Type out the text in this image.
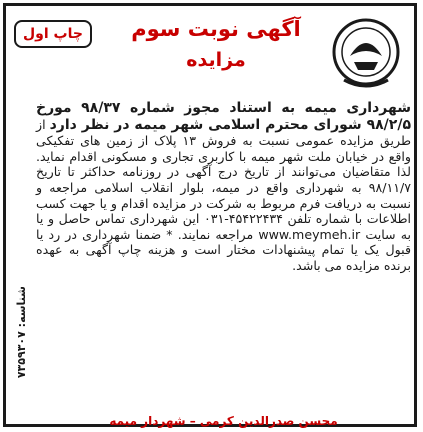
چاپ اول	آگهی نوبت سوم
مزایده
شهرداری میمه به استناد مجوز شماره ۹۸/۳۷ مورخ ۹۸/۲/۵ شورای محترم اسلامی شهر میمه در نظر دارد از طریق مزایده عمومی نسبت به فروش ۱۳ پلاک از زمین های تفکیکی واقع در خیابان ملت شهر میمه با کاربری تجاری و مسکونی اقدام نماید. لذا متقاضیان می‌توانند از تاریخ درج آگهی در روزنامه حداکثر تا تاریخ ۹۸/۱۱/۷ به شهرداری واقع در میمه، بلوار انقلاب اسلامی مراجعه و نسبت به دریافت فرم مربوط به شرکت در مزایده اقدام و یا جهت کسب اطلاعات با شماره تلفن ۴۵۴۲۲۴۳۴-۰۳۱ این شهرداری تماس حاصل و یا به سایت www.meymeh.ir مراجعه نمایند. * ضمنا شهرداری در رد یا قبول یک یا تمام پیشنهادات مختار است و هزینه چاپ آگهی به عهده برنده مزایده می باشد.
محسن صدرالدین کرمی – شهردار میمه
شناسه: ۷۳۵۹۳۰۷
